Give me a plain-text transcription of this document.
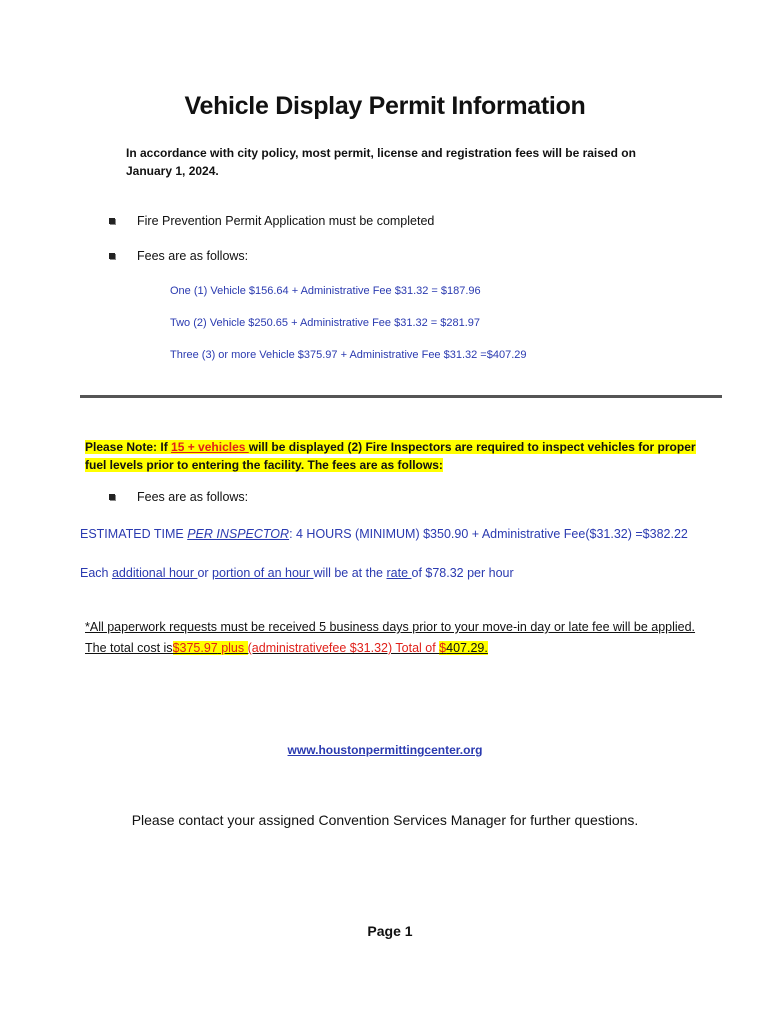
Vehicle Display Permit Information
In accordance with city policy, most permit, license and registration fees will be raised on January 1, 2024.
Fire Prevention Permit Application must be completed
Fees are as follows:
One (1) Vehicle $156.64 + Administrative Fee $31.32 = $187.96
Two (2) Vehicle $250.65 + Administrative Fee $31.32 = $281.97
Three (3) or more Vehicle $375.97 + Administrative Fee $31.32 =$407.29
Please Note: If 15 + vehicles will be displayed (2) Fire Inspectors are required to inspect vehicles for proper fuel levels prior to entering the facility. The fees are as follows:
Fees are as follows:
ESTIMATED TIME PER INSPECTOR: 4 HOURS (MINIMUM) $350.90 + Administrative Fee($31.32) =$382.22
Each additional hour or portion of an hour will be at the rate of $78.32 per hour
*All paperwork requests must be received 5 business days prior to your move-in day or late fee will be applied.
The total cost is$375.97 plus (administrativefee $31.32) Total of $407.29.
www.houstonpermittingcenter.org
Please contact your assigned Convention Services Manager for further questions.
Page 1
